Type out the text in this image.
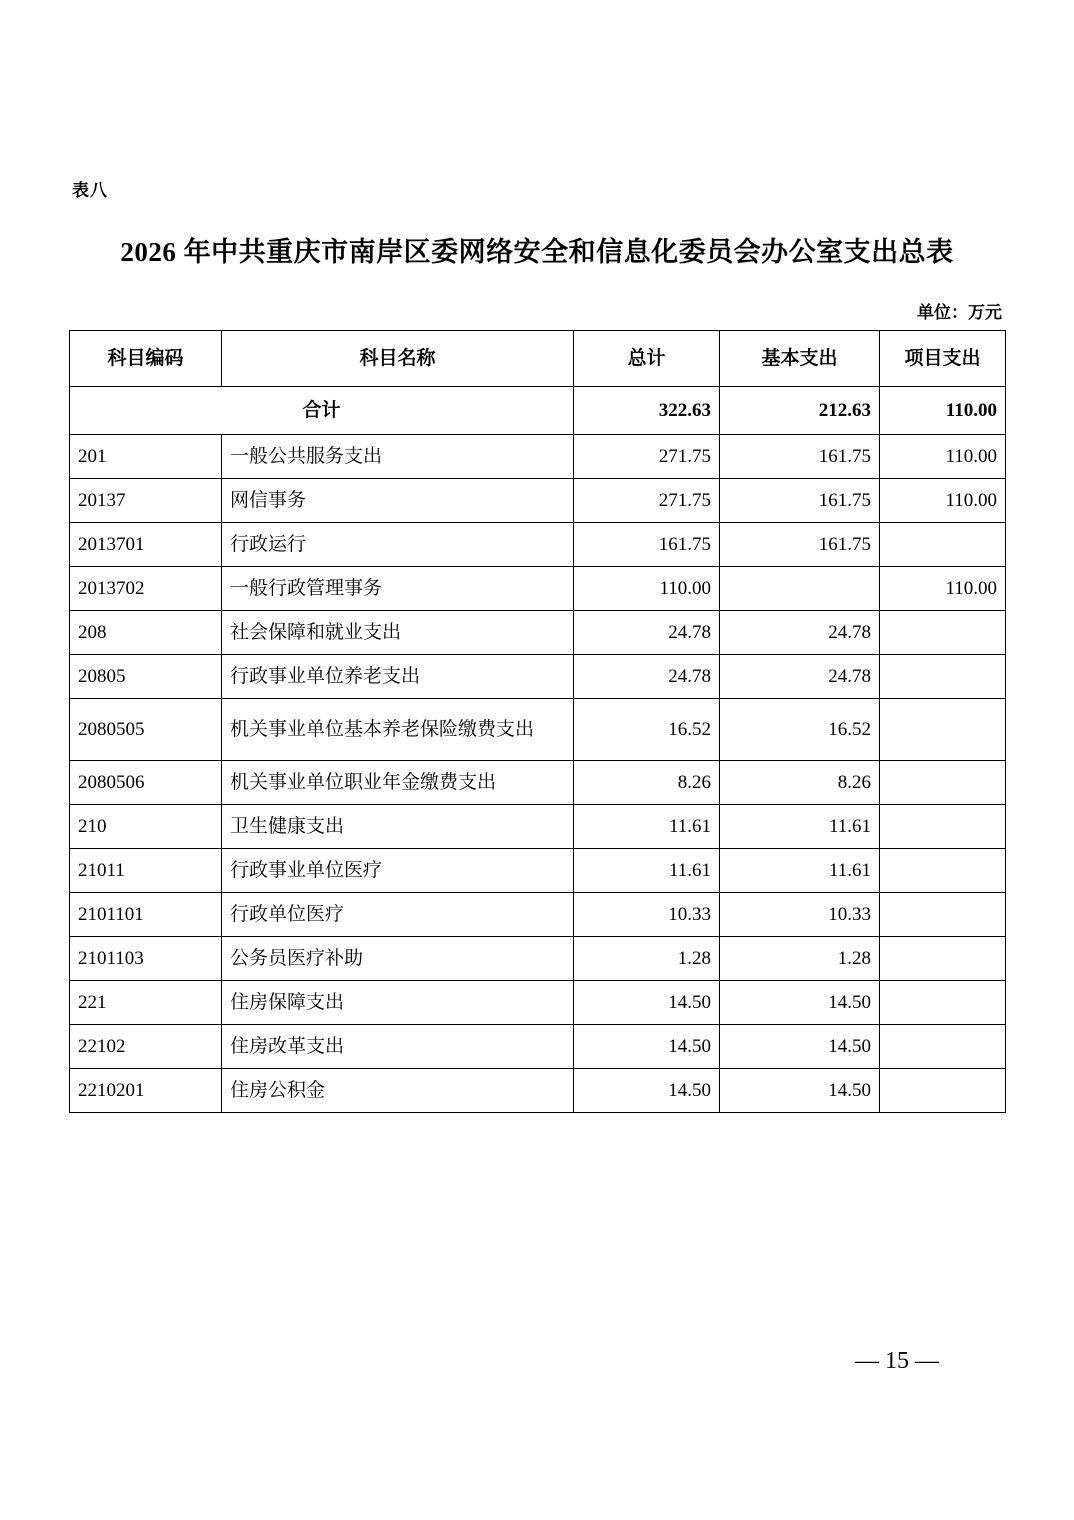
表八
2026 年中共重庆市南岸区委网络安全和信息化委员会办公室支出总表
单位：万元
科目编码	科目名称	总计	基本支出	项目支出
合计		322.63	212.63	110.00
201	一般公共服务支出	271.75	161.75	110.00
20137	网信事务	271.75	161.75	110.00
2013701	行政运行	161.75	161.75	
2013702	一般行政管理事务	110.00		110.00
208	社会保障和就业支出	24.78	24.78	
20805	行政事业单位养老支出	24.78	24.78	
2080505	机关事业单位基本养老保险缴费支出	16.52	16.52	
2080506	机关事业单位职业年金缴费支出	8.26	8.26	
210	卫生健康支出	11.61	11.61	
21011	行政事业单位医疗	11.61	11.61	
2101101	行政单位医疗	10.33	10.33	
2101103	公务员医疗补助	1.28	1.28	
221	住房保障支出	14.50	14.50	
22102	住房改革支出	14.50	14.50	
2210201	住房公积金	14.50	14.50	
— 15 —
